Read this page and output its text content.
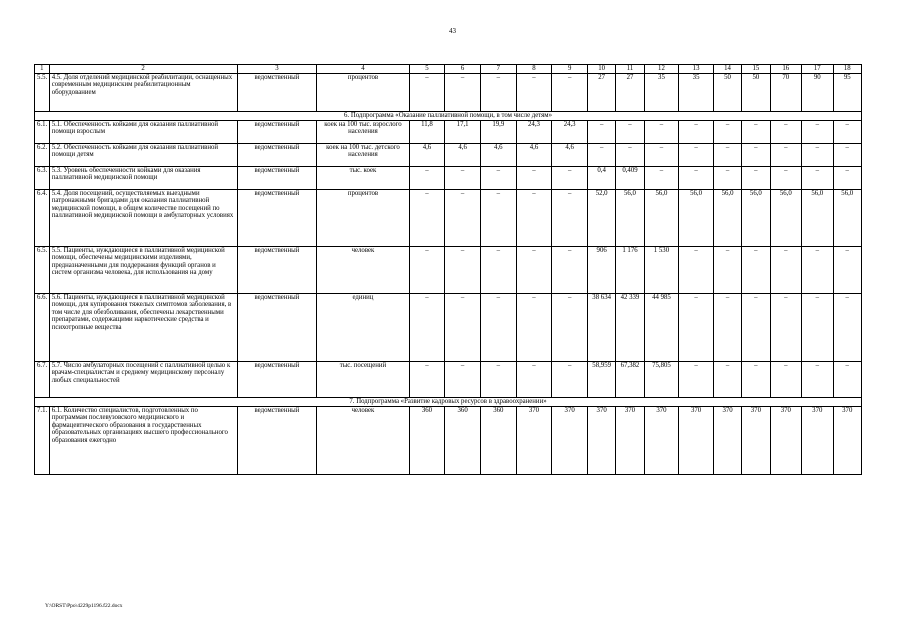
43
1	2	3	4	5	6	7	8	9	10	11	12	13	14	15	16	17	18
5.5.	4.5. Доля отделений медицинской реабилитации, оснащенных современным медицинским реабилитационным оборудованием	ведомственный	процентов	–	–	–	–	–	27	27	35	35	50	50	70	90	95
6. Подпрограмма «Оказание паллиативной помощи, в том числе детям»																	
6.1.	5.1. Обеспеченность койками для оказания паллиативной помощи взрослым	ведомственный	коек на 100 тыс. взрослого населения	11,8	17,1	19,9	24,3	24,3	–	–	–	–	–	–	–	–	–
6.2.	5.2. Обеспеченность койками для оказания паллиативной помощи детям	ведомственный	коек на 100 тыс. детского населения	4,6	4,6	4,6	4,6	4,6	–	–	–	–	–	–	–	–	–
6.3.	5.3. Уровень обеспеченности койками для оказания паллиативной медицинской помощи	ведомственный	тыс. коек	–	–	–	–	–	0,4	0,409	–	–	–	–	–	–	–
6.4.	5.4. Доля посещений, осуществляемых выездными патронажными бригадами для оказания паллиативной медицинской помощи, в общем количестве посещений по паллиативной медицинской помощи в амбулаторных условиях	ведомственный	процентов	–	–	–	–	–	52,0	56,0	56,0	56,0	56,0	56,0	56,0	56,0	56,0
6.5.	5.5. Пациенты, нуждающиеся в паллиативной медицинской помощи, обеспечены медицинскими изделиями, предназначенными для поддержания функций органов и систем организма человека, для использования на дому	ведомственный	человек	–	–	–	–	–	906	1 176	1 530	–	–	–	–	–	–
6.6.	5.6. Пациенты, нуждающиеся в паллиативной медицинской помощи, для купирования тяжелых симптомов заболевания, в том числе для обезболивания, обеспечены лекарственными препаратами, содержащими наркотические средства и психотропные вещества	ведомственный	единиц	–	–	–	–	–	38 634	42 339	44 985	–	–	–	–	–	–
6.7.	5.7. Число амбулаторных посещений с паллиативной целью к врачам-специалистам и среднему медицинскому персоналу любых специальностей	ведомственный	тыс. посещений	–	–	–	–	–	58,959	67,382	75,805	–	–	–	–	–	–
7. Подпрограмма «Развитие кадровых ресурсов в здравоохранении»																	
7.1.	6.1. Количество специалистов, подготовленных по программам послевузовского медицинского и фармацевтического образования в государственных образовательных организациях высшего профессионального образования ежегодно	ведомственный	человек	360	360	360	370	370	370	370	370	370	370	370	370	370	370
Y:\ORST\Ppo\4229p1196.f22.docx
